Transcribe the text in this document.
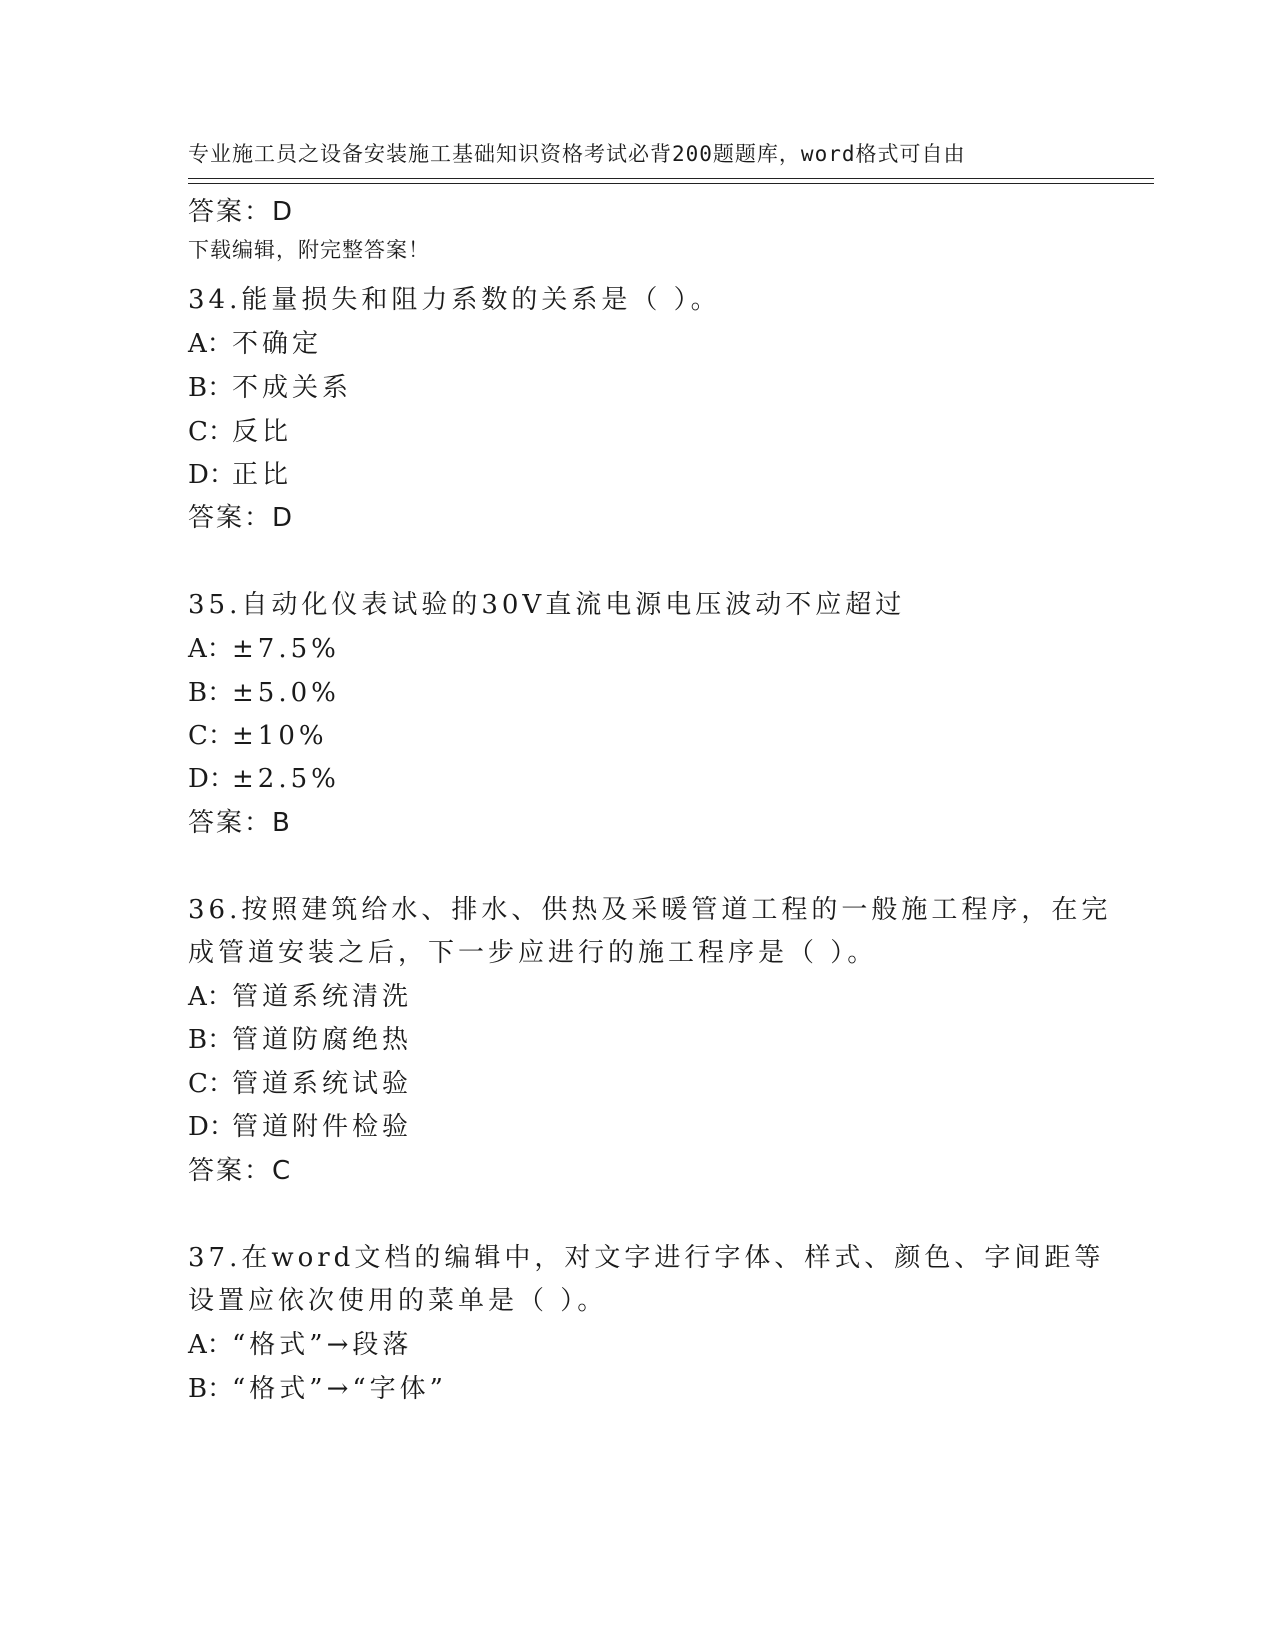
专业施工员之设备安装施工基础知识资格考试必背200题题库，word格式可自由

下载编辑，附完整答案！

答案：D
34.能量损失和阻力系数的关系是（ ）。
A：不确定
B：不成关系
C：反比
D：正比
答案：D
35.自动化仪表试验的30V直流电源电压波动不应超过
A：±7.5%
B：±5.0%
C：±10%
D：±2.5%
答案：B
36.按照建筑给水、排水、供热及采暖管道工程的一般施工程序，在完
成管道安装之后，下一步应进行的施工程序是（ ）。
A：管道系统清洗
B：管道防腐绝热
C：管道系统试验
D：管道附件检验
答案：C
37.在word文档的编辑中，对文字进行字体、样式、颜色、字间距等
设置应依次使用的菜单是（ ）。
A：“格式”→段落
B：“格式”→“字体”
